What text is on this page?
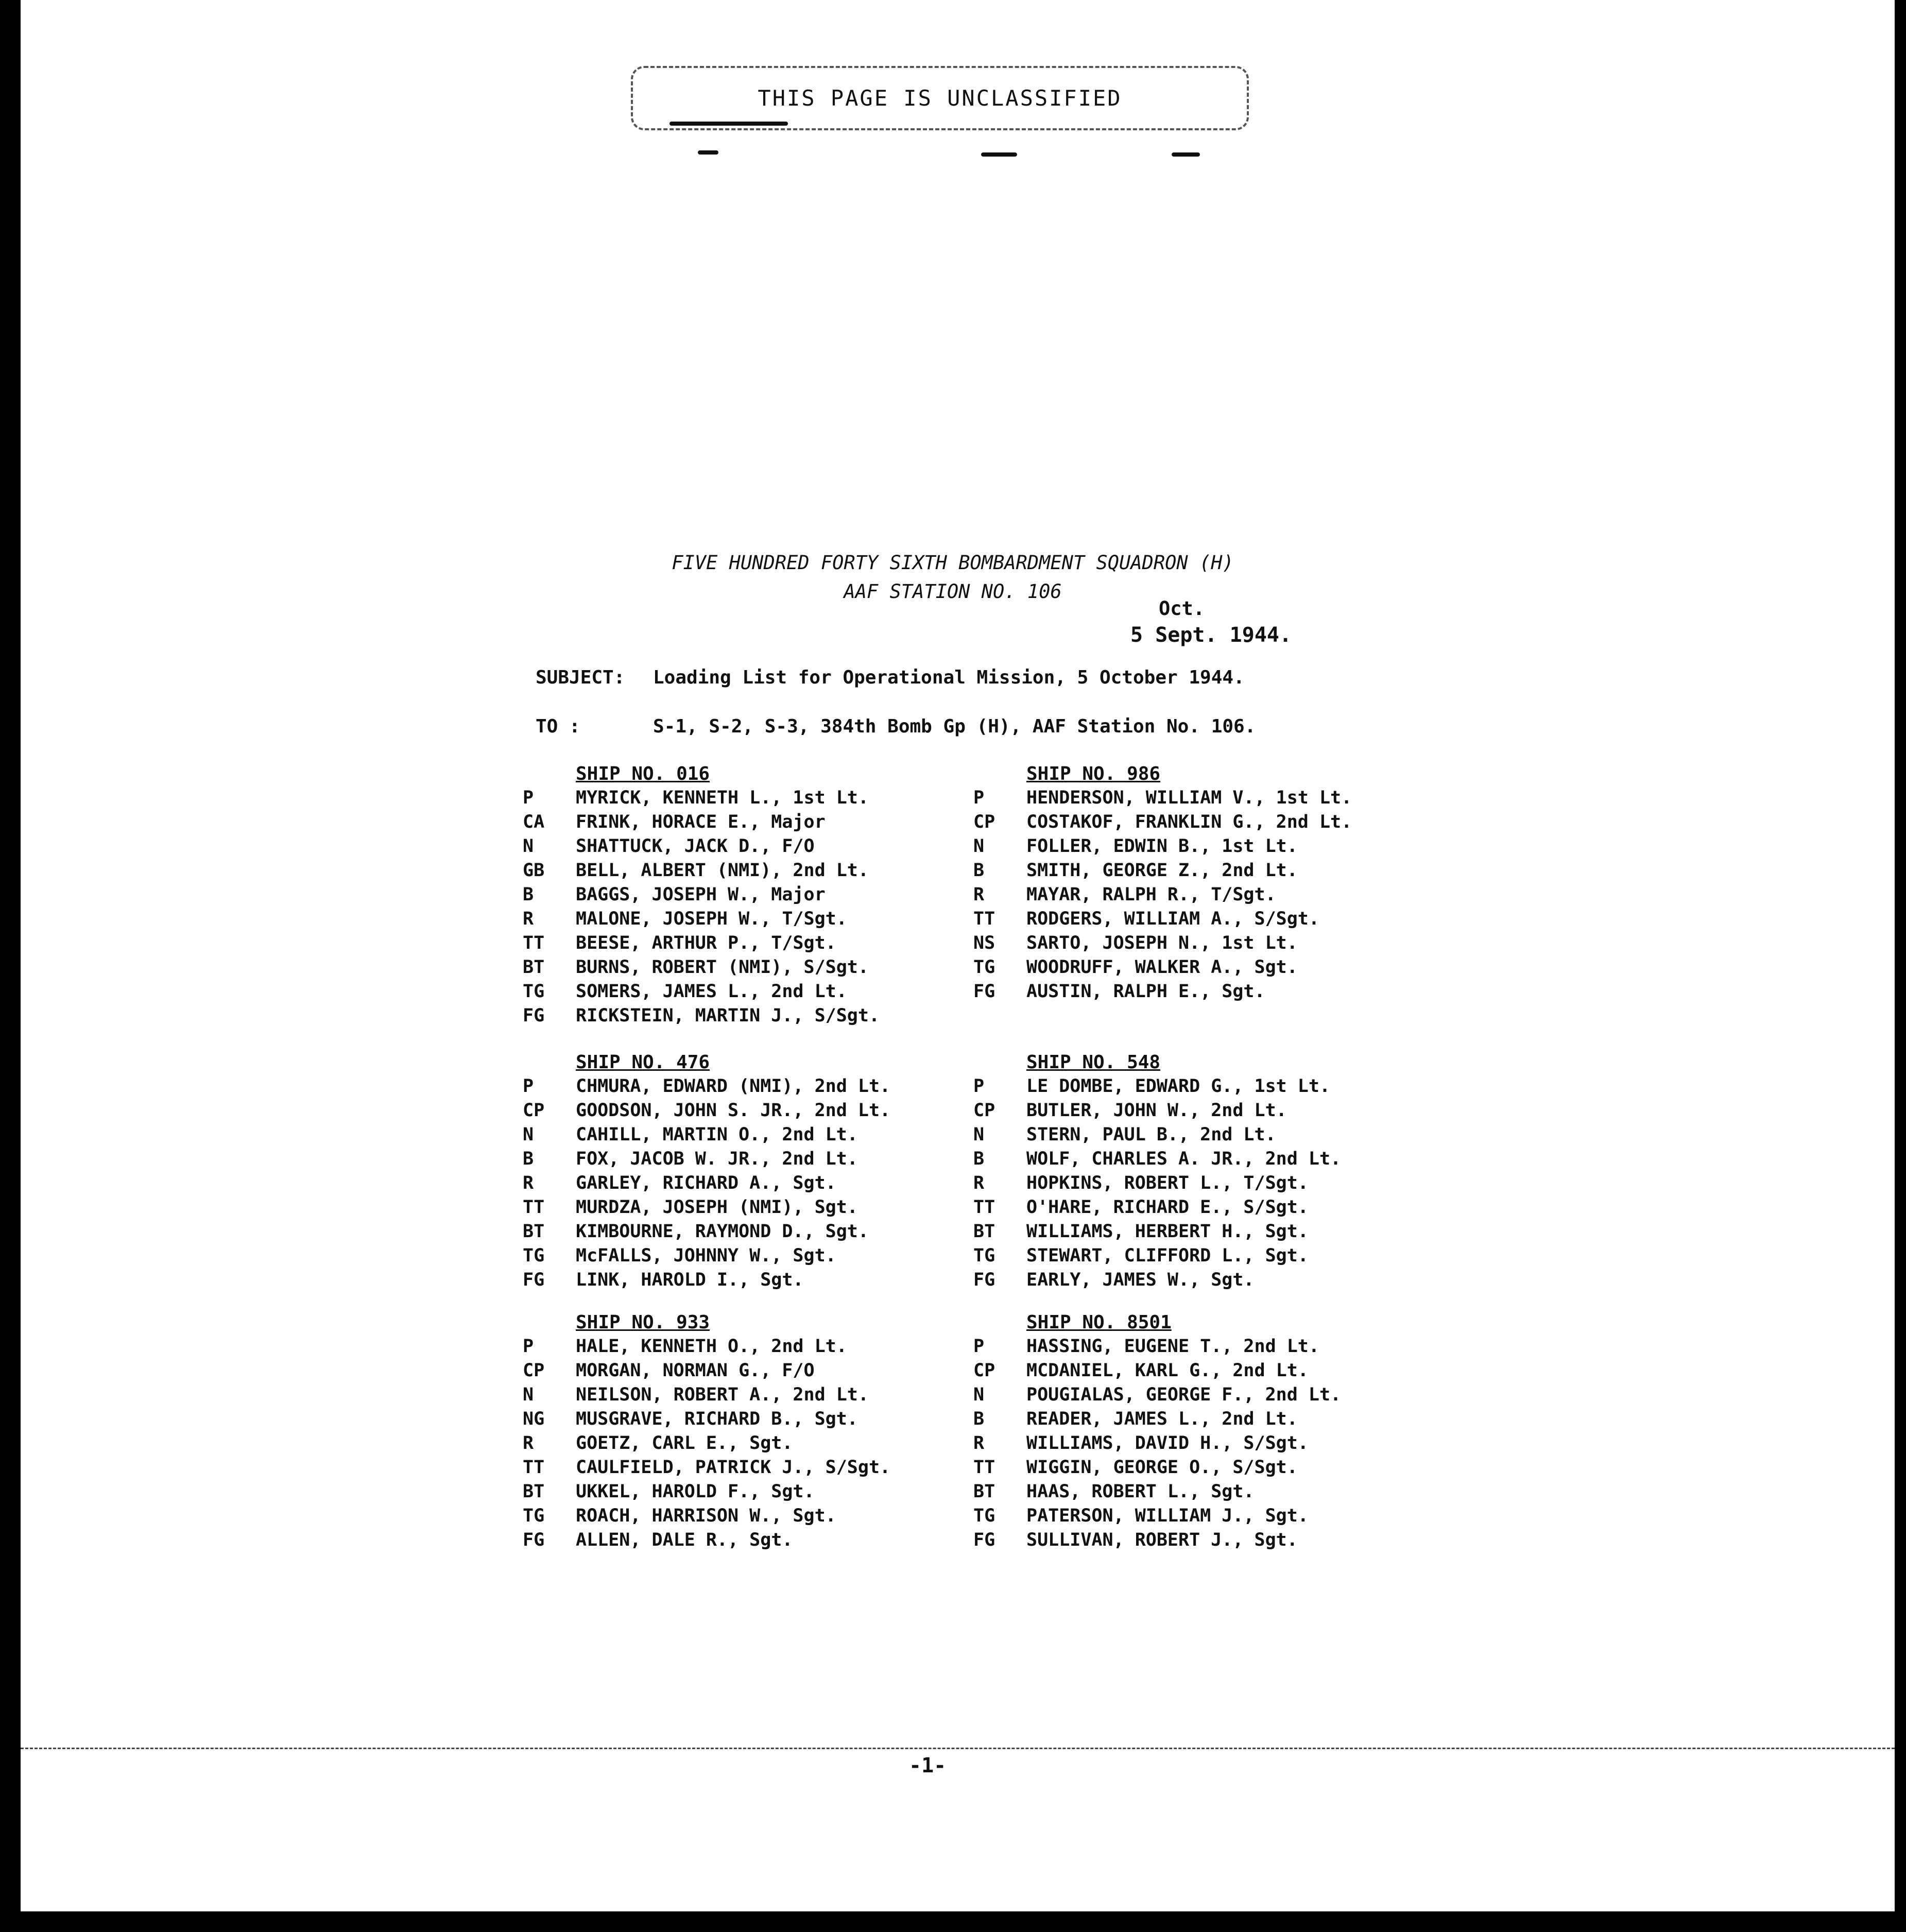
THIS PAGE IS UNCLASSIFIED
FIVE HUNDRED FORTY SIXTH BOMBARDMENT SQUADRON (H)
AAF STATION NO. 106
Oct.
5 Sept. 1944.
SUBJECT: Loading List for Operational Mission, 5 October 1944.
TO :	S-1, S-2, S-3, 384th Bomb Gp (H), AAF Station No. 106.
SHIP NO. 016
P MYRICK, KENNETH L., 1st Lt.
CA FRINK, HORACE E., Major
N SHATTUCK, JACK D., F/O
GB BELL, ALBERT (NMI), 2nd Lt.
B BAGGS, JOSEPH W., Major
R MALONE, JOSEPH W., T/Sgt.
TT BEESE, ARTHUR P., T/Sgt.
BT BURNS, ROBERT (NMI), S/Sgt.
TG SOMERS, JAMES L., 2nd Lt.
FG RICKSTEIN, MARTIN J., S/Sgt.
SHIP NO. 986
P HENDERSON, WILLIAM V., 1st Lt.
CP COSTAKOF, FRANKLIN G., 2nd Lt.
N FOLLER, EDWIN B., 1st Lt.
B SMITH, GEORGE Z., 2nd Lt.
R MAYAR, RALPH R., T/Sgt.
TT RODGERS, WILLIAM A., S/Sgt.
NS SARTO, JOSEPH N., 1st Lt.
TG WOODRUFF, WALKER A., Sgt.
FG AUSTIN, RALPH E., Sgt.
SHIP NO. 476
P CHMURA, EDWARD (NMI), 2nd Lt.
CP GOODSON, JOHN S. JR., 2nd Lt.
N CAHILL, MARTIN O., 2nd Lt.
B FOX, JACOB W. JR., 2nd Lt.
R GARLEY, RICHARD A., Sgt.
TT MURDZA, JOSEPH (NMI), Sgt.
BT KIMBOURNE, RAYMOND D., Sgt.
TG McFALLS, JOHNNY W., Sgt.
FG LINK, HAROLD I., Sgt.
SHIP NO. 548
P LE DOMBE, EDWARD G., 1st Lt.
CP BUTLER, JOHN W., 2nd Lt.
N STERN, PAUL B., 2nd Lt.
B WOLF, CHARLES A. JR., 2nd Lt.
R HOPKINS, ROBERT L., T/Sgt.
TT O'HARE, RICHARD E., S/Sgt.
BT WILLIAMS, HERBERT H., Sgt.
TG STEWART, CLIFFORD L., Sgt.
FG EARLY, JAMES W., Sgt.
SHIP NO. 933
P HALE, KENNETH O., 2nd Lt.
CP MORGAN, NORMAN G., F/O
N NEILSON, ROBERT A., 2nd Lt.
NG MUSGRAVE, RICHARD B., Sgt.
R GOETZ, CARL E., Sgt.
TT CAULFIELD, PATRICK J., S/Sgt.
BT UKKEL, HAROLD F., Sgt.
TG ROACH, HARRISON W., Sgt.
FG ALLEN, DALE R., Sgt.
SHIP NO. 8501
P HASSING, EUGENE T., 2nd Lt.
CP MCDANIEL, KARL G., 2nd Lt.
N POUGIALAS, GEORGE F., 2nd Lt.
B READER, JAMES L., 2nd Lt.
R WILLIAMS, DAVID H., S/Sgt.
TT WIGGIN, GEORGE O., S/Sgt.
BT HAAS, ROBERT L., Sgt.
TG PATERSON, WILLIAM J., Sgt.
FG SULLIVAN, ROBERT J., Sgt.
-1-
